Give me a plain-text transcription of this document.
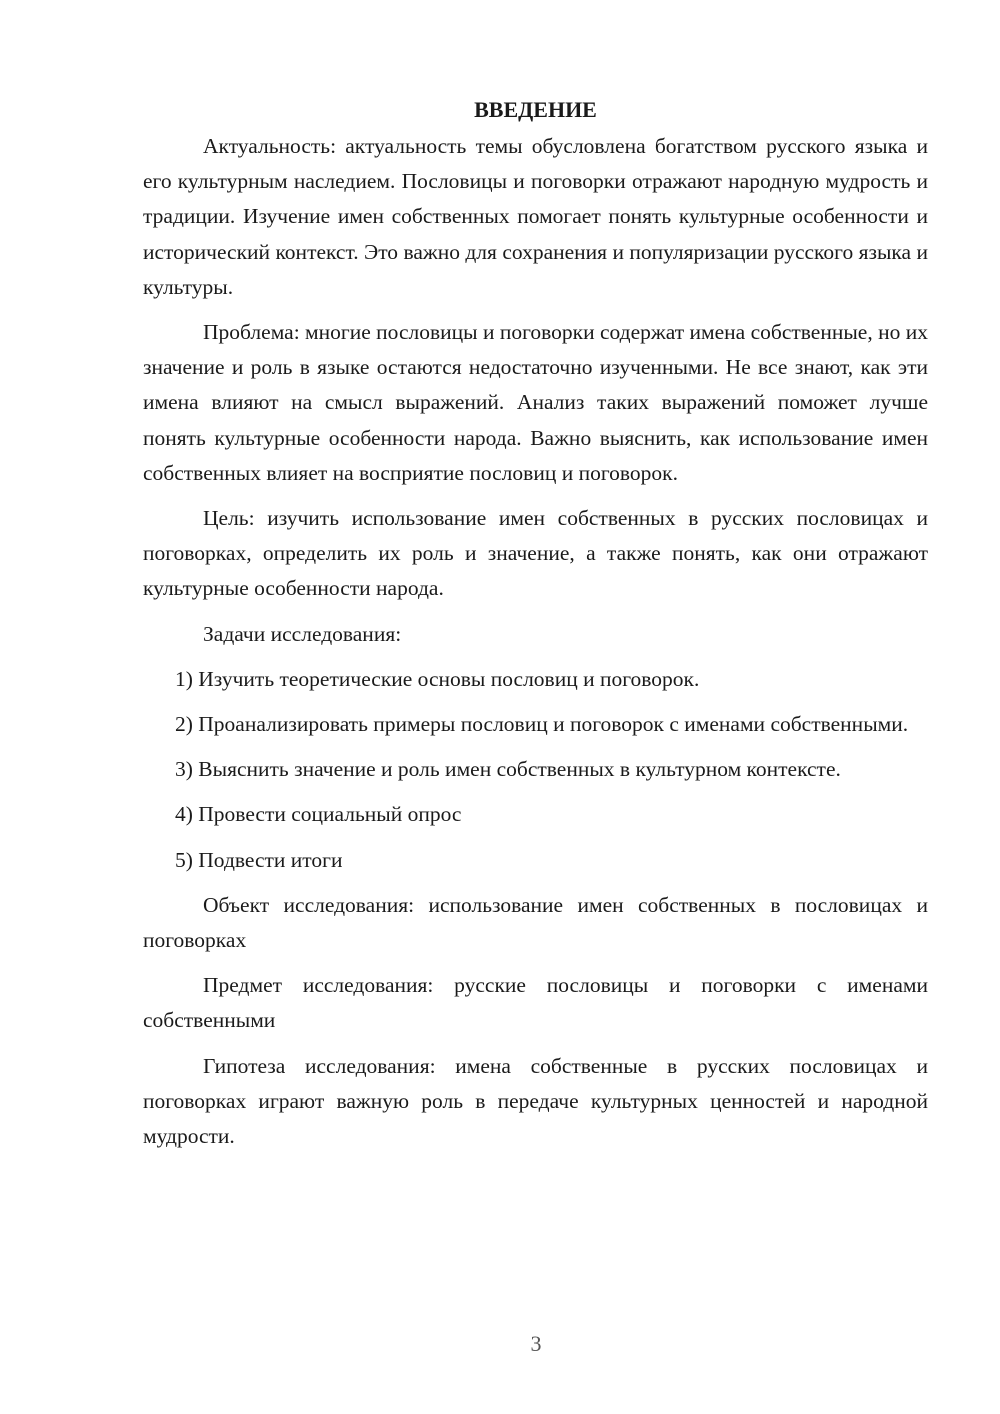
ВВЕДЕНИЕ

Актуальность: актуальность темы обусловлена богатством русского языка и его культурным наследием. Пословицы и поговорки отражают народную мудрость и традиции. Изучение имен собственных помогает понять культурные особенности и исторический контекст. Это важно для сохранения и популяризации русского языка и культуры.

Проблема: многие пословицы и поговорки содержат имена собственные, но их значение и роль в языке остаются недостаточно изученными. Не все знают, как эти имена влияют на смысл выражений. Анализ таких выражений поможет лучше понять культурные особенности народа. Важно выяснить, как использование имен собственных влияет на восприятие пословиц и поговорок.

Цель: изучить использование имен собственных в русских пословицах и поговорках, определить их роль и значение, а также понять, как они отражают культурные особенности народа.

Задачи исследования:

1) Изучить теоретические основы пословиц и поговорок.

2) Проанализировать примеры пословиц и поговорок с именами собственными.

3) Выяснить значение и роль имен собственных в культурном контексте.

4) Провести социальный опрос

5) Подвести итоги

Объект исследования: использование имен собственных в пословицах и поговорках

Предмет исследования: русские пословицы и поговорки с именами собственными

Гипотеза исследования: имена собственные в русских пословицах и поговорках играют важную роль в передаче культурных ценностей и народной мудрости.

3
